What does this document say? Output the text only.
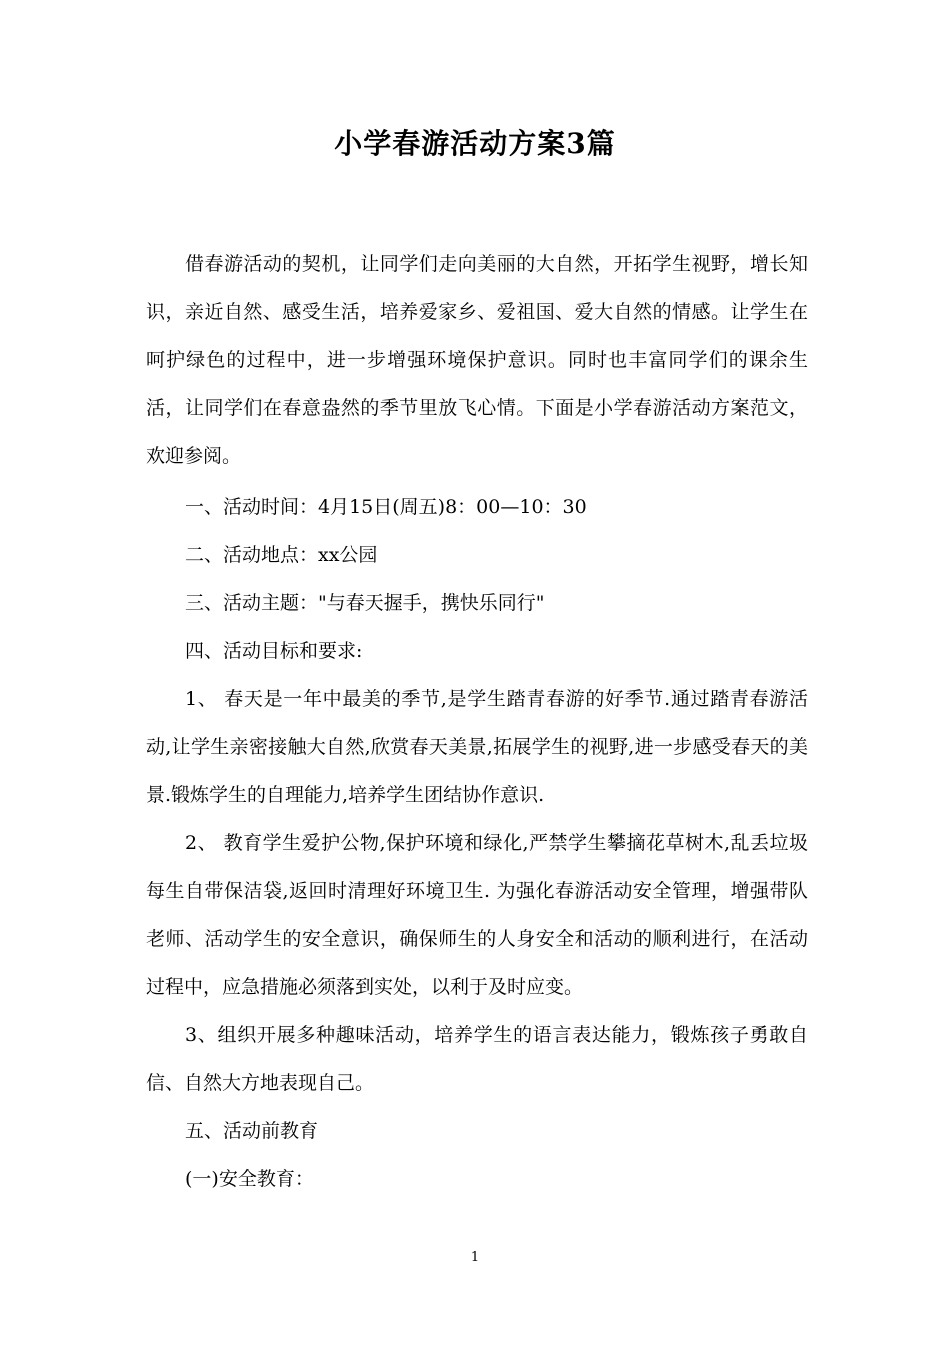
小学春游活动方案3篇

借春游活动的契机，让同学们走向美丽的大自然，开拓学生视野，增长知识，亲近自然、感受生活，培养爱家乡、爱祖国、爱大自然的情感。让学生在呵护绿色的过程中，进一步增强环境保护意识。同时也丰富同学们的课余生活，让同学们在春意盎然的季节里放飞心情。下面是小学春游活动方案范文，欢迎参阅。

一、活动时间：4月15日(周五)8：00—10：30

二、活动地点：xx公园

三、活动主题："与春天握手，携快乐同行"

四、活动目标和要求:

1、 春天是一年中最美的季节,是学生踏青春游的好季节.通过踏青春游活动,让学生亲密接触大自然,欣赏春天美景,拓展学生的视野,进一步感受春天的美景.锻炼学生的自理能力,培养学生团结协作意识.

2、 教育学生爱护公物,保护环境和绿化,严禁学生攀摘花草树木,乱丢垃圾每生自带保洁袋,返回时清理好环境卫生. 为强化春游活动安全管理，增强带队老师、活动学生的安全意识，确保师生的人身安全和活动的顺利进行，在活动过程中，应急措施必须落到实处，以利于及时应变。

3、组织开展多种趣味活动，培养学生的语言表达能力，锻炼孩子勇敢自信、自然大方地表现自己。

五、活动前教育

(一)安全教育：

1
